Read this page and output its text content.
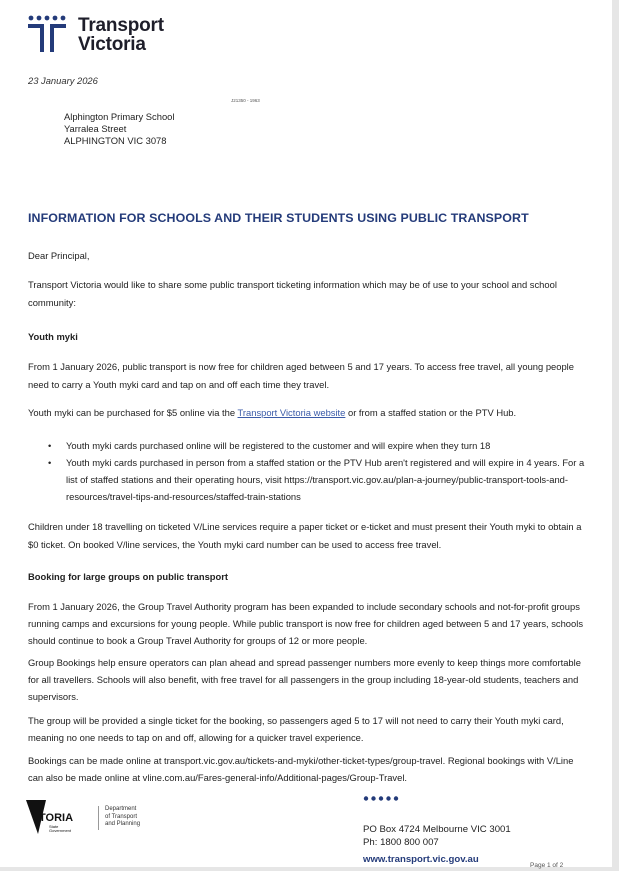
Transport
Victoria
23 January 2026
J21350 - 1963
Alphington Primary School
Yarralea Street
ALPHINGTON VIC 3078
INFORMATION FOR SCHOOLS AND THEIR STUDENTS USING PUBLIC TRANSPORT
Dear Principal,
Transport Victoria would like to share some public transport ticketing information which may be of use to your school and school community:
Youth myki
From 1 January 2026, public transport is now free for children aged between 5 and 17 years. To access free travel, all young people need to carry a Youth myki card and tap on and off each time they travel.
Youth myki can be purchased for $5 online via the Transport Victoria website or from a staffed station or the PTV Hub.
• Youth myki cards purchased online will be registered to the customer and will expire when they turn 18
• Youth myki cards purchased in person from a staffed station or the PTV Hub aren't registered and will expire in 4 years. For a list of staffed stations and their operating hours, visit https://transport.vic.gov.au/plan-a-journey/public-transport-tools-and-resources/travel-tips-and-resources/staffed-train-stations
Children under 18 travelling on ticketed V/Line services require a paper ticket or e-ticket and must present their Youth myki to obtain a $0 ticket. On booked V/line services, the Youth myki card number can be used to access free travel.
Booking for large groups on public transport
From 1 January 2026, the Group Travel Authority program has been expanded to include secondary schools and not-for-profit groups running camps and excursions for young people. While public transport is now free for children aged between 5 and 17 years, schools should continue to book a Group Travel Authority for groups of 12 or more people.
Group Bookings help ensure operators can plan ahead and spread passenger numbers more evenly to keep things more comfortable for all travellers. Schools will also benefit, with free travel for all passengers in the group including 18-year-old students, teachers and supervisors.
The group will be provided a single ticket for the booking, so passengers aged 5 to 17 will not need to carry their Youth myki card, meaning no one needs to tap on and off, allowing for a quicker travel experience.
Bookings can be made online at transport.vic.gov.au/tickets-and-myki/other-ticket-types/group-travel. Regional bookings with V/Line can also be made online at vline.com.au/Fares-general-info/Additional-pages/Group-Travel.
TORIA
State
Government
Department
of Transport
and Planning	PO Box 4724 Melbourne VIC 3001
Ph: 1800 800 007
www.transport.vic.gov.au
Page 1 of 2
